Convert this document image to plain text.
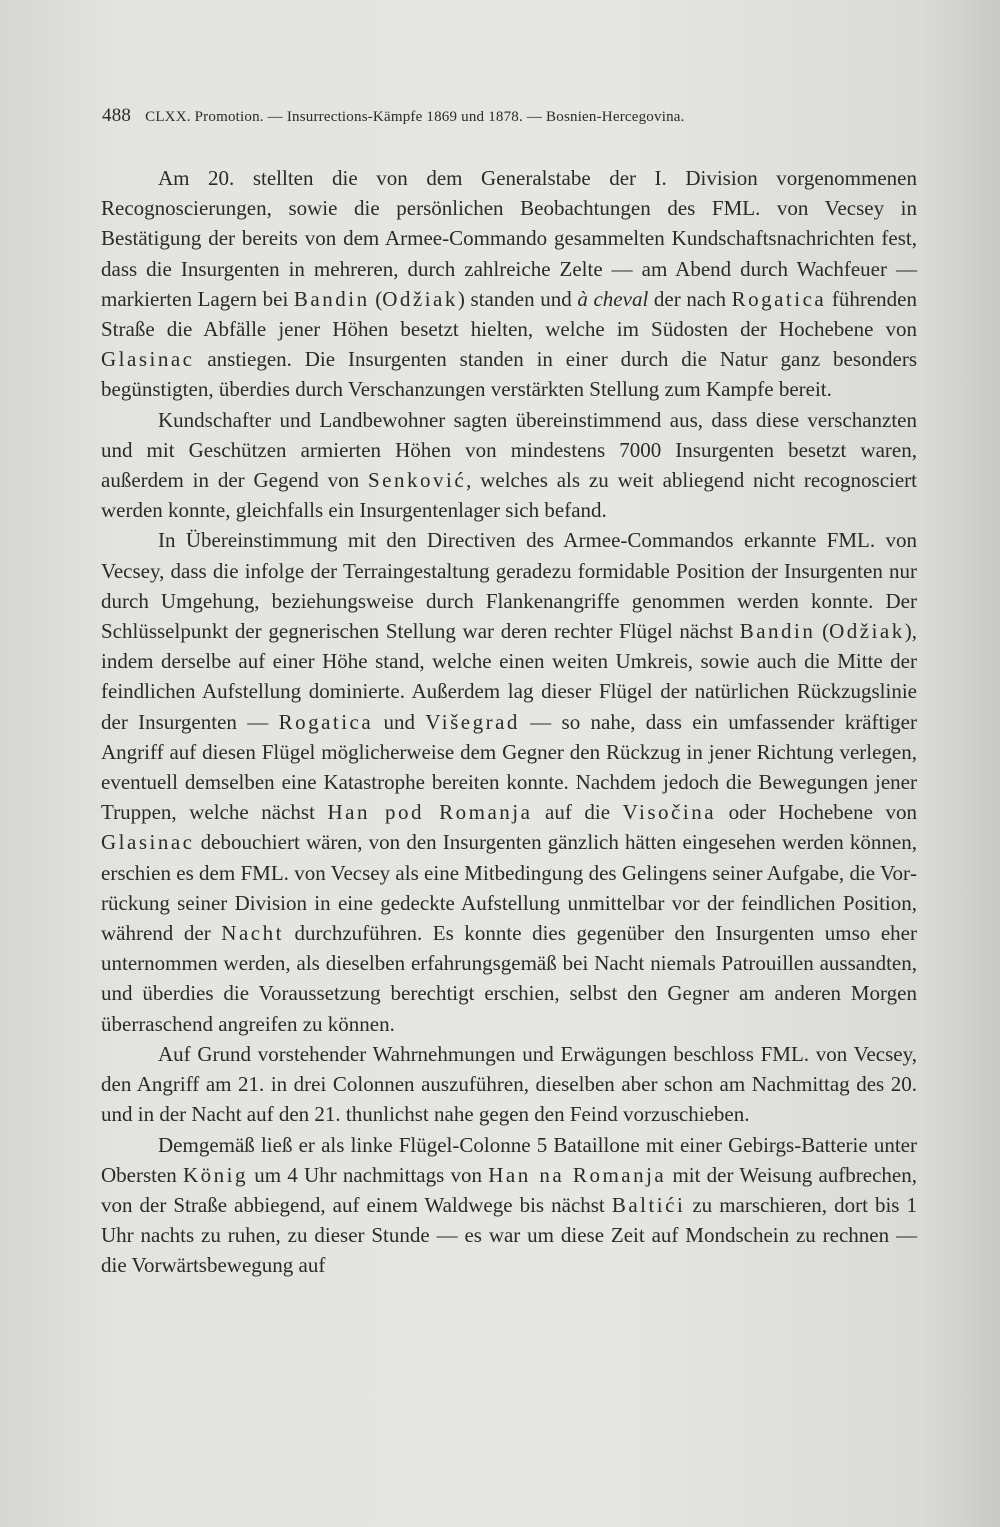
488 CLXX. Promotion. — Insurrections-Kämpfe 1869 und 1878. — Bosnien-Hercegovina.

Am 20. stellten die von dem Generalstabe der I. Division vorgenommenen Recognoscierungen, sowie die persönlichen Beobachtungen des FML. von Vecsey in Bestätigung der bereits von dem Armee-Commando gesammelten Kundschaftsnachrichten fest, dass die Insurgenten in mehreren, durch zahlreiche Zelte — am Abend durch Wachfeuer — markierten Lagern bei Bandin (Odžiak) standen und à cheval der nach Rogatica führenden Straße die Abfälle jener Höhen besetzt hielten, welche im Südosten der Hochebene von Glasinac anstiegen. Die Insurgenten standen in einer durch die Natur ganz besonders begünstigten, überdies durch Verschanzungen verstärkten Stellung zum Kampfe bereit.

Kundschafter und Landbewohner sagten übereinstimmend aus, dass diese verschanzten und mit Geschützen armierten Höhen von mindestens 7000 Insurgenten besetzt waren, außerdem in der Gegend von Senković, welches als zu weit abliegend nicht recognosciert werden konnte, gleichfalls ein Insurgentenlager sich befand.

In Übereinstimmung mit den Directiven des Armee-Commandos erkannte FML. von Vecsey, dass die infolge der Terraingestaltung geradezu formidable Position der Insurgenten nur durch Umgehung, beziehungsweise durch Flankenangriffe genommen werden konnte. Der Schlüsselpunkt der gegnerischen Stellung war deren rechter Flügel nächst Bandin (Odžiak), indem derselbe auf einer Höhe stand, welche einen weiten Umkreis, sowie auch die Mitte der feindlichen Aufstellung dominierte. Außerdem lag dieser Flügel der natürlichen Rückzugslinie der Insurgenten — Rogatica und Višegrad — so nahe, dass ein umfassender kräftiger Angriff auf diesen Flügel möglicherweise dem Gegner den Rückzug in jener Richtung verlegen, eventuell demselben eine Katastrophe bereiten konnte. Nachdem jedoch die Bewegungen jener Truppen, welche nächst Han pod Romanja auf die Visočina oder Hochebene von Glasinac debouchiert wären, von den Insurgenten gänzlich hätten eingesehen werden können, erschien es dem FML. von Vecsey als eine Mitbedingung des Gelingens seiner Aufgabe, die Vorrückung seiner Division in eine gedeckte Aufstellung unmittelbar vor der feindlichen Position, während der Nacht durchzuführen. Es konnte dies gegenüber den Insurgenten umso eher unternommen werden, als dieselben erfahrungsgemäß bei Nacht niemals Patrouillen aussandten, und überdies die Voraussetzung berechtigt erschien, selbst den Gegner am anderen Morgen überraschend angreifen zu können.

Auf Grund vorstehender Wahrnehmungen und Erwägungen beschloss FML. von Vecsey, den Angriff am 21. in drei Colonnen auszuführen, dieselben aber schon am Nachmittag des 20. und in der Nacht auf den 21. thunlichst nahe gegen den Feind vorzuschieben.

Demgemäß ließ er als linke Flügel-Colonne 5 Bataillone mit einer Gebirgs-Batterie unter Obersten König um 4 Uhr nachmittags von Han na Romanja mit der Weisung aufbrechen, von der Straße abbiegend, auf einem Waldwege bis nächst Baltići zu marschieren, dort bis 1 Uhr nachts zu ruhen, zu dieser Stunde — es war um diese Zeit auf Mondschein zu rechnen — die Vorwärtsbewegung auf
